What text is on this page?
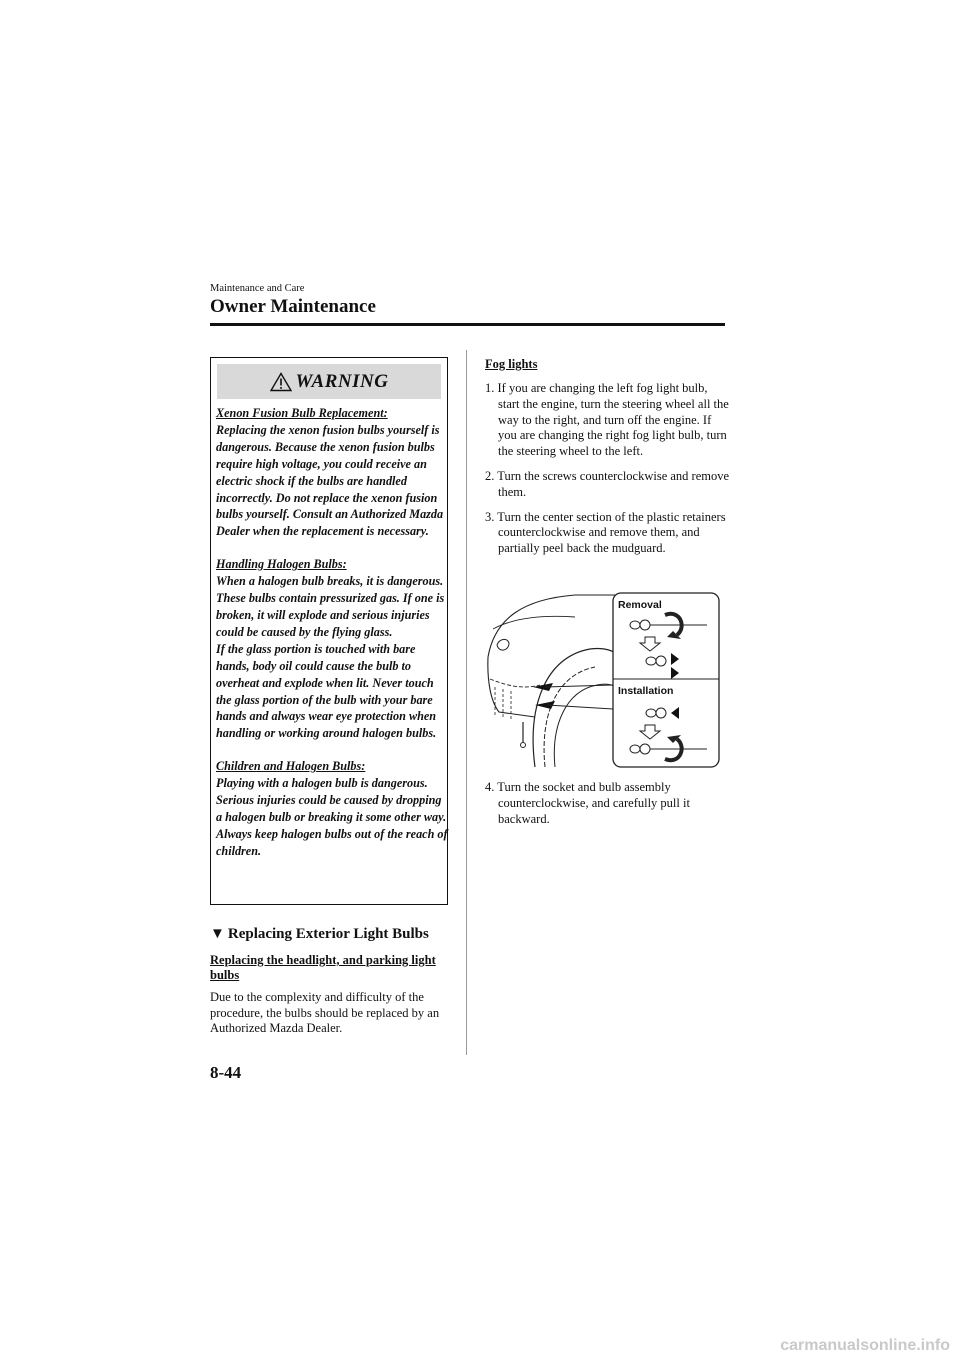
Maintenance and Care
Owner Maintenance
WARNING
Xenon Fusion Bulb Replacement:
Replacing the xenon fusion bulbs yourself is dangerous. Because the xenon fusion bulbs require high voltage, you could receive an electric shock if the bulbs are handled incorrectly. Do not replace the xenon fusion bulbs yourself. Consult an Authorized Mazda Dealer when the replacement is necessary.
Handling Halogen Bulbs:
When a halogen bulb breaks, it is dangerous. These bulbs contain pressurized gas. If one is broken, it will explode and serious injuries could be caused by the flying glass.
If the glass portion is touched with bare hands, body oil could cause the bulb to overheat and explode when lit. Never touch the glass portion of the bulb with your bare hands and always wear eye protection when handling or working around halogen bulbs.
Children and Halogen Bulbs:
Playing with a halogen bulb is dangerous. Serious injuries could be caused by dropping a halogen bulb or breaking it some other way.
Always keep halogen bulbs out of the reach of children.
▼ Replacing Exterior Light Bulbs
Replacing the headlight, and parking light bulbs
Due to the complexity and difficulty of the procedure, the bulbs should be replaced by an Authorized Mazda Dealer.
Fog lights
1. If you are changing the left fog light bulb, start the engine, turn the steering wheel all the way to the right, and turn off the engine. If you are changing the right fog light bulb, turn the steering wheel to the left.
2. Turn the screws counterclockwise and remove them.
3. Turn the center section of the plastic retainers counterclockwise and remove them, and partially peel back the mudguard.
Removal
Installation
4. Turn the socket and bulb assembly counterclockwise, and carefully pull it backward.
8-44
carmanualsonline.info
